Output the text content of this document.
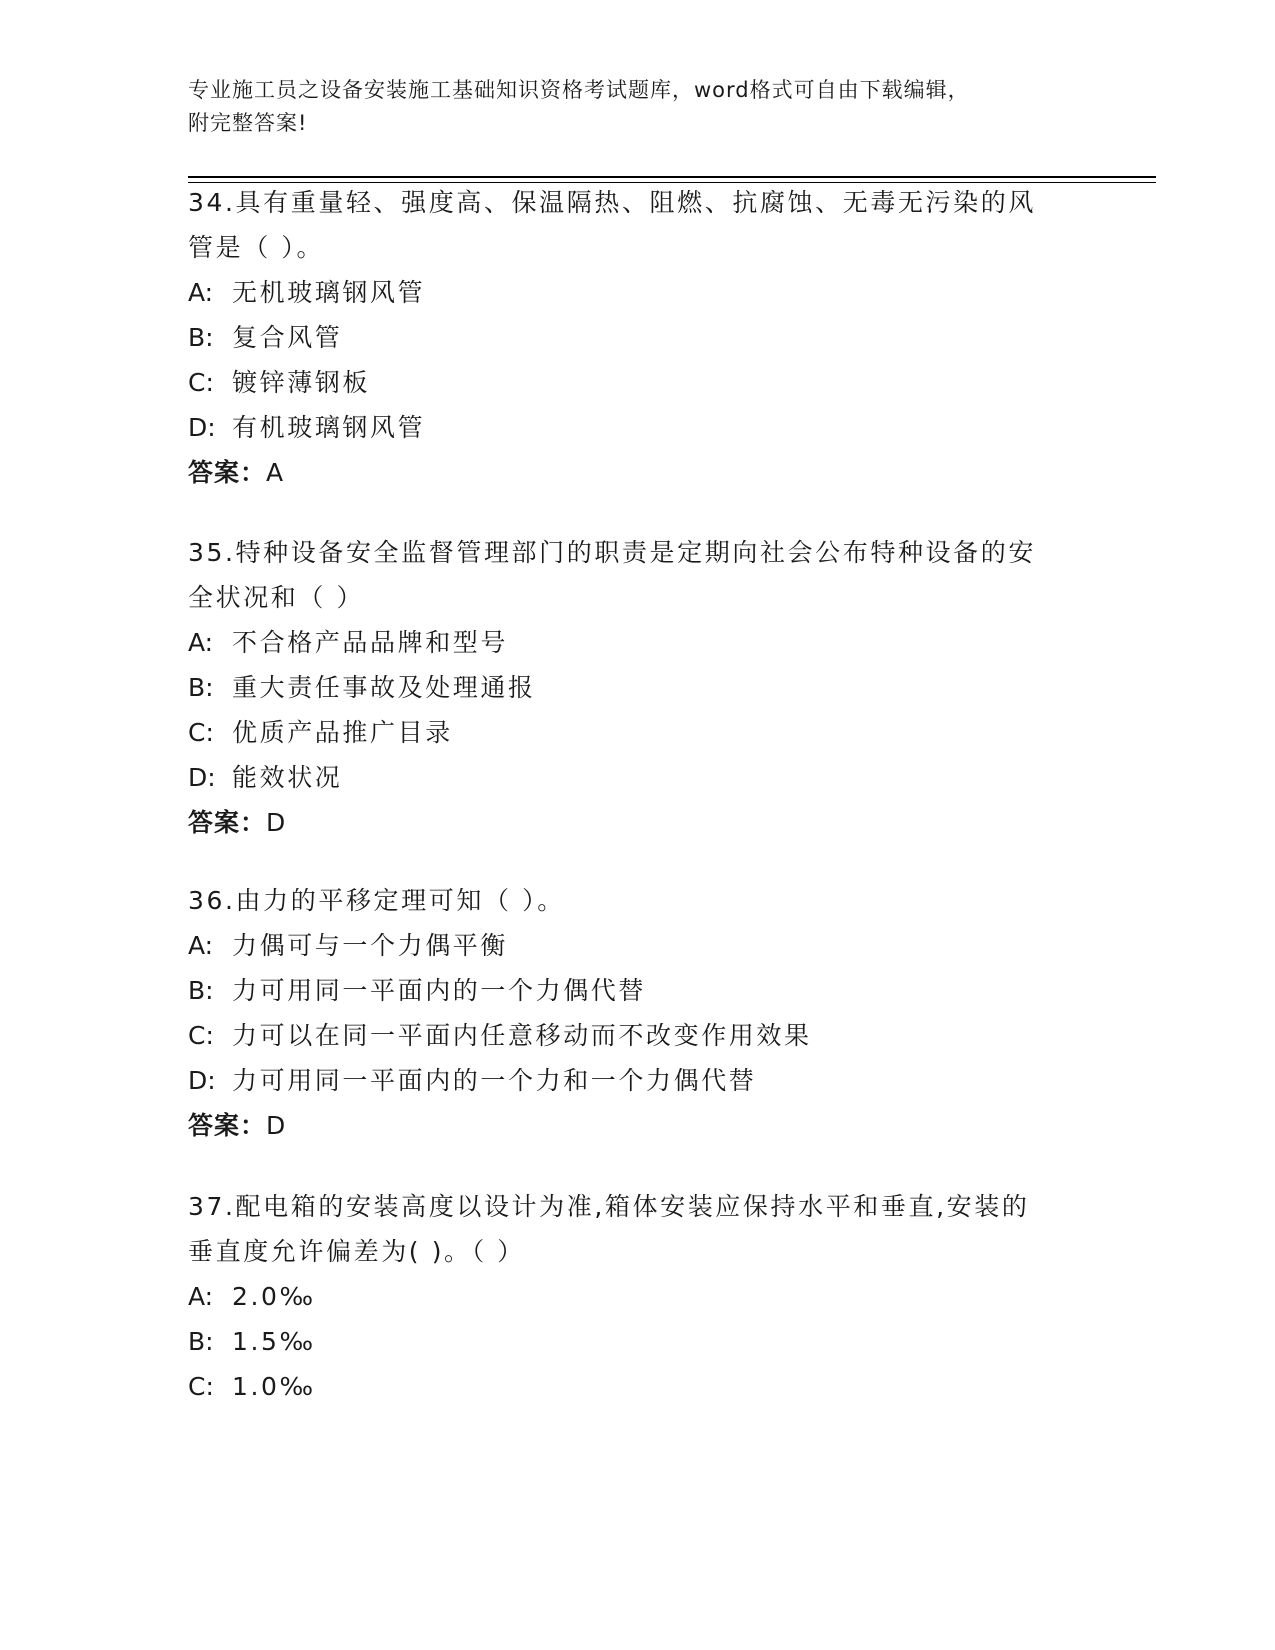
专业施工员之设备安装施工基础知识资格考试题库，word格式可自由下载编辑，
附完整答案!

34.具有重量轻、强度高、保温隔热、阻燃、抗腐蚀、无毒无污染的风
管是（ ）。

A: 无机玻璃钢风管

B: 复合风管

C: 镀锌薄钢板

D: 有机玻璃钢风管

答案：A

35.特种设备安全监督管理部门的职责是定期向社会公布特种设备的安
全状况和（ ）

A: 不合格产品品牌和型号

B: 重大责任事故及处理通报

C: 优质产品推广目录

D: 能效状况

答案：D

36.由力的平移定理可知（ ）。

A: 力偶可与一个力偶平衡

B: 力可用同一平面内的一个力偶代替

C: 力可以在同一平面内任意移动而不改变作用效果

D: 力可用同一平面内的一个力和一个力偶代替

答案：D

37.配电箱的安装高度以设计为准,箱体安装应保持水平和垂直,安装的
垂直度允许偏差为( )。（ ）

A: 2.0‰

B: 1.5‰

C: 1.0‰
